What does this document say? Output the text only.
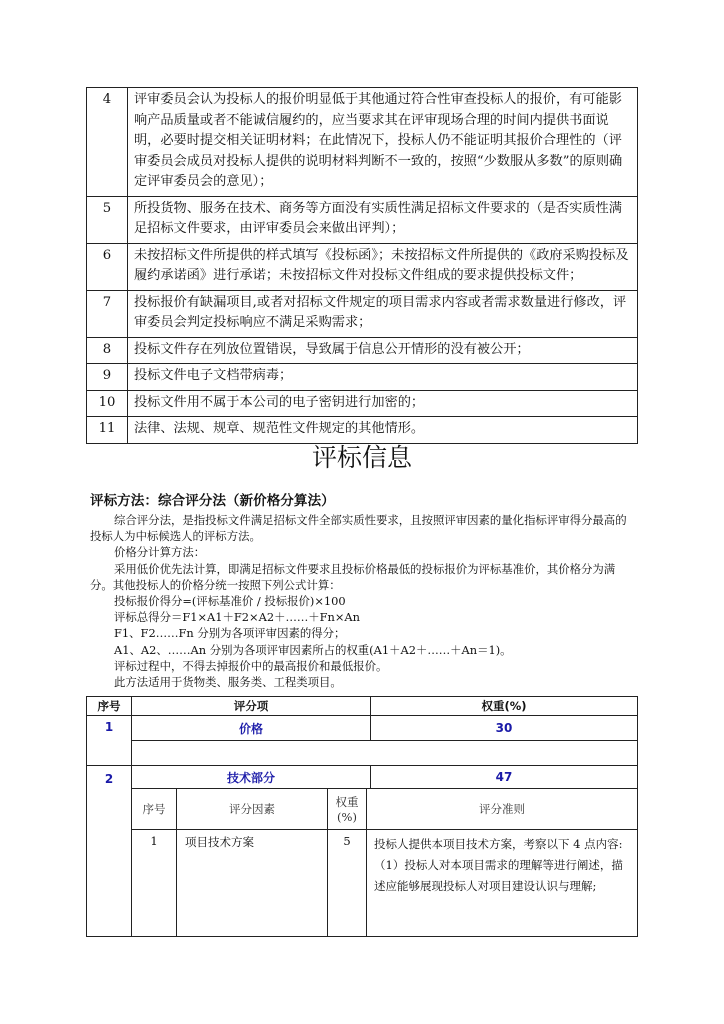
4	评审委员会认为投标人的报价明显低于其他通过符合性审查投标人的报价，有可能影响产品质量或者不能诚信履约的，应当要求其在评审现场合理的时间内提供书面说明，必要时提交相关证明材料；在此情况下，投标人仍不能证明其报价合理性的（评审委员会成员对投标人提供的说明材料判断不一致的，按照“少数服从多数”的原则确定评审委员会的意见）；
5	所投货物、服务在技术、商务等方面没有实质性满足招标文件要求的（是否实质性满足招标文件要求，由评审委员会来做出评判）；
6	未按招标文件所提供的样式填写《投标函》；未按招标文件所提供的《政府采购投标及履约承诺函》进行承诺；未按招标文件对投标文件组成的要求提供投标文件；
7	投标报价有缺漏项目,或者对招标文件规定的项目需求内容或者需求数量进行修改，评审委员会判定投标响应不满足采购需求；
8	投标文件存在列放位置错误，导致属于信息公开情形的没有被公开；
9	投标文件电子文档带病毒；
10	投标文件用不属于本公司的电子密钥进行加密的；
11	法律、法规、规章、规范性文件规定的其他情形。
评标信息
评标方法：综合评分法（新价格分算法）

综合评分法，是指投标文件满足招标文件全部实质性要求，且按照评审因素的量化指标评审得分最高的投标人为中标候选人的评标方法。

价格分计算方法：

采用低价优先法计算，即满足招标文件要求且投标价格最低的投标报价为评标基准价，其价格分为满分。其他投标人的价格分统一按照下列公式计算：

投标报价得分=(评标基准价 / 投标报价)×100

评标总得分＝F1×A1＋F2×A2＋……＋Fn×An

F1、F2……Fn 分别为各项评审因素的得分；

A1、A2、……An 分别为各项评审因素所占的权重(A1＋A2＋……＋An＝1)。

评标过程中，不得去掉报价中的最高报价和最低报价。

此方法适用于货物类、服务类、工程类项目。

序号	评分项	权重(%)
1	价格	30

2	技术部分	47

序号	评分因素	权重(%)	评分准则
1	项目技术方案	5	投标人提供本项目技术方案，考察以下 4 点内容:
（1）投标人对本项目需求的理解等进行阐述，描述应能够展现投标人对项目建设认识与理解;
